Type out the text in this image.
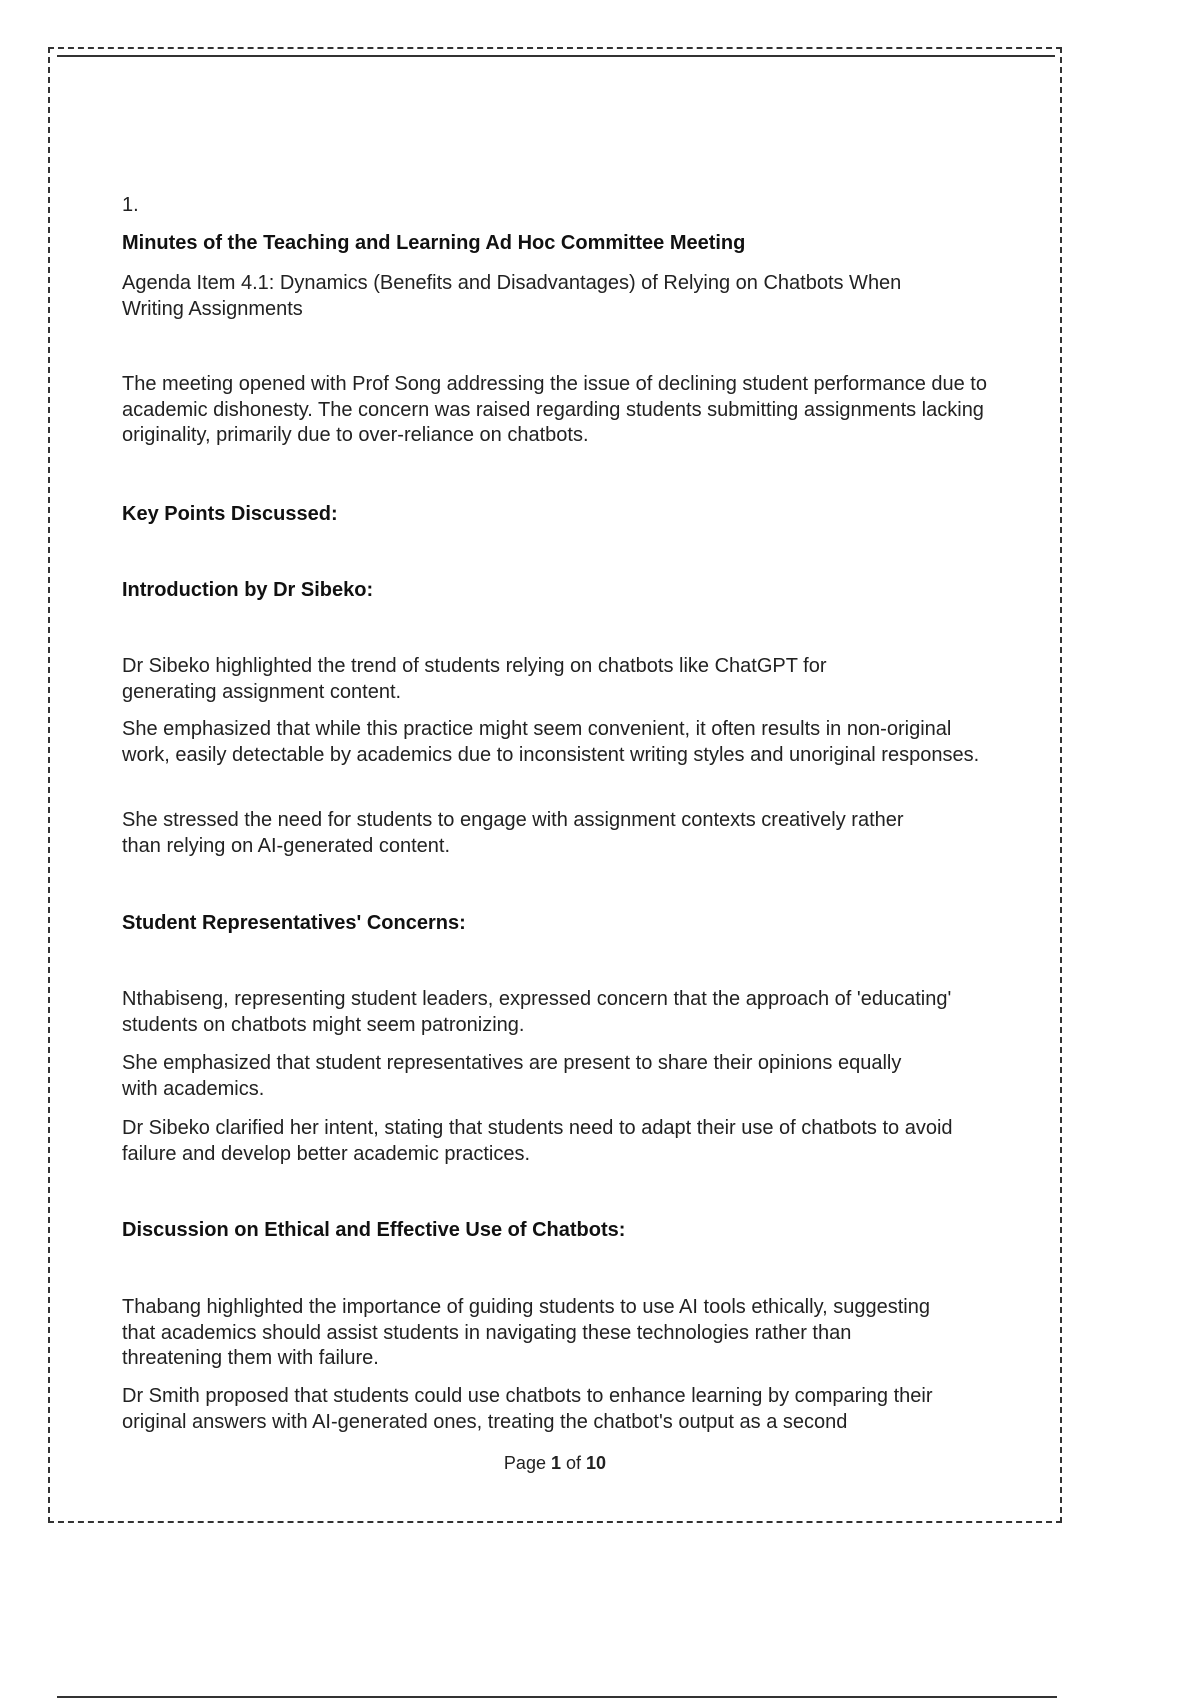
1.
Minutes of the Teaching and Learning Ad Hoc Committee Meeting
Agenda Item 4.1: Dynamics (Benefits and Disadvantages) of Relying on Chatbots When Writing Assignments
The meeting opened with Prof Song addressing the issue of declining student performance due to academic dishonesty. The concern was raised regarding students submitting assignments lacking originality, primarily due to over-reliance on chatbots.
Key Points Discussed:
Introduction by Dr Sibeko:
Dr Sibeko highlighted the trend of students relying on chatbots like ChatGPT for generating assignment content.
She emphasized that while this practice might seem convenient, it often results in non-original work, easily detectable by academics due to inconsistent writing styles and unoriginal responses.
She stressed the need for students to engage with assignment contexts creatively rather than relying on AI-generated content.
Student Representatives' Concerns:
Nthabiseng, representing student leaders, expressed concern that the approach of 'educating' students on chatbots might seem patronizing.
She emphasized that student representatives are present to share their opinions equally with academics.
Dr Sibeko clarified her intent, stating that students need to adapt their use of chatbots to avoid failure and develop better academic practices.
Discussion on Ethical and Effective Use of Chatbots:
Thabang highlighted the importance of guiding students to use AI tools ethically, suggesting that academics should assist students in navigating these technologies rather than threatening them with failure.
Dr Smith proposed that students could use chatbots to enhance learning by comparing their original answers with AI-generated ones, treating the chatbot's output as a second
Page 1 of 10
